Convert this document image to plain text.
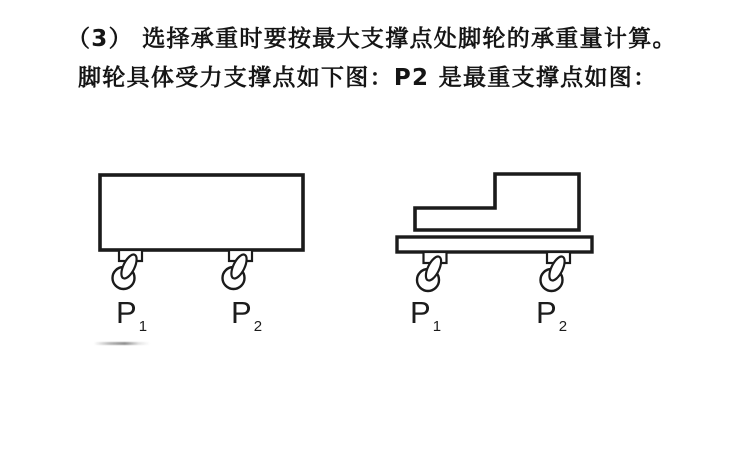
（3） 选择承重时要按最大支撑点处脚轮的承重量计算。
脚轮具体受力支撑点如下图：P2 是最重支撑点如图：
P $_1$	P $_2$	P $_1$	P $_2$
